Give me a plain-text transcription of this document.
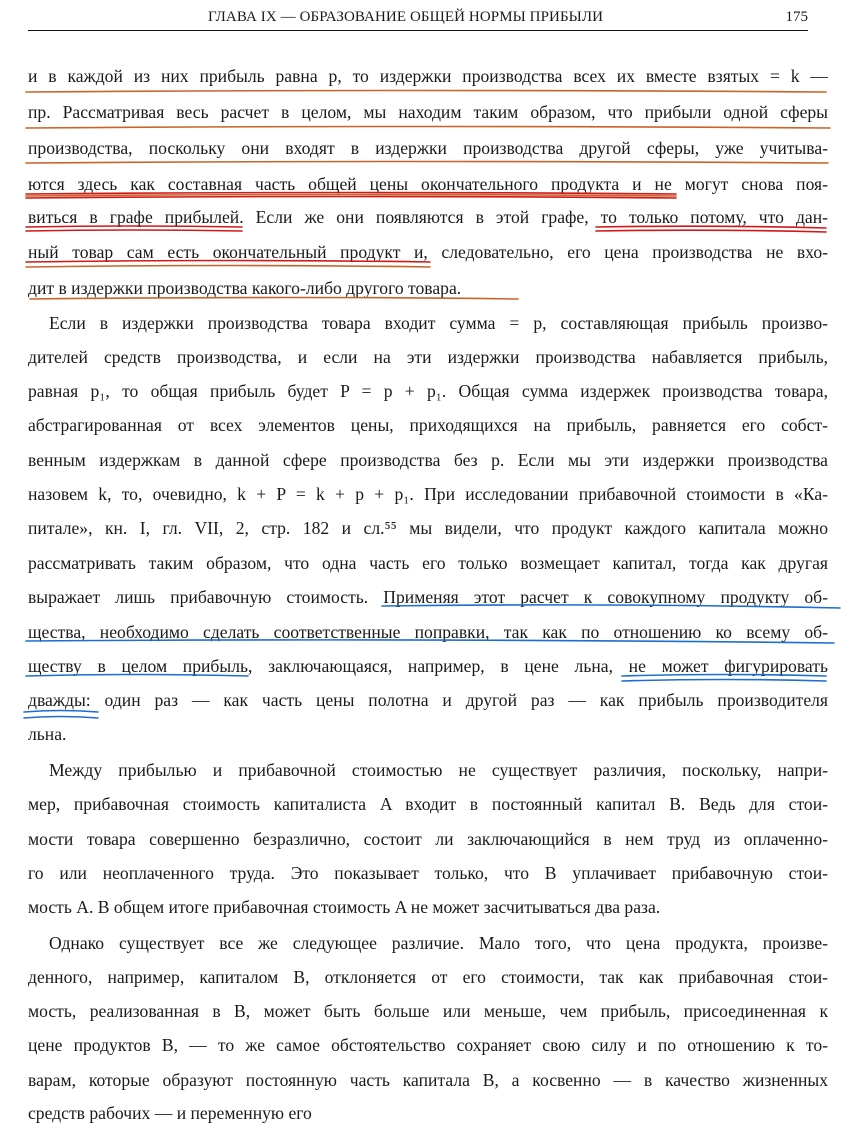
ГЛАВА IX — ОБРАЗОВАНИЕ ОБЩЕЙ НОРМЫ ПРИБЫЛИ	175
и в каждой из них прибыль равна p, то издержки производства всех их вместе взятых = k —
пр. Рассматривая весь расчет в целом, мы находим таким образом, что прибыли одной сферы
производства, поскольку они входят в издержки производства другой сферы, уже учитыва-
ются здесь как составная часть общей цены окончательного продукта и не могут снова поя-
виться в графе прибылей. Если же они появляются в этой графе, то только потому, что дан-
ный товар сам есть окончательный продукт и, следовательно, его цена производства не вхо-
дит в издержки производства какого-либо другого товара.
Если в издержки производства товара входит сумма = p, составляющая прибыль произво-
дителей средств производства, и если на эти издержки производства набавляется прибыль,
равная p₁, то общая прибыль будет P = p + p₁. Общая сумма издержек производства товара,
абстрагированная от всех элементов цены, приходящихся на прибыль, равняется его собст-
венным издержкам в данной сфере производства без p. Если мы эти издержки производства
назовем k, то, очевидно, k + P = k + p + p₁. При исследовании прибавочной стоимости в «Ка-
питале», кн. I, гл. VII, 2, стр. 182 и сл.⁵⁵ мы видели, что продукт каждого капитала можно
рассматривать таким образом, что одна часть его только возмещает капитал, тогда как другая
выражает лишь прибавочную стоимость. Применяя этот расчет к совокупному продукту об-
щества, необходимо сделать соответственные поправки, так как по отношению ко всему об-
ществу в целом прибыль, заключающаяся, например, в цене льна, не может фигурировать
дважды: один раз — как часть цены полотна и другой раз — как прибыль производителя
льна.
Между прибылью и прибавочной стоимостью не существует различия, поскольку, напри-
мер, прибавочная стоимость капиталиста A входит в постоянный капитал B. Ведь для стои-
мости товара совершенно безразлично, состоит ли заключающийся в нем труд из оплаченно-
го или неоплаченного труда. Это показывает только, что B уплачивает прибавочную стои-
мость A. В общем итоге прибавочная стоимость A не может засчитываться два раза.
Однако существует все же следующее различие. Мало того, что цена продукта, произве-
денного, например, капиталом B, отклоняется от его стоимости, так как прибавочная стои-
мость, реализованная в B, может быть больше или меньше, чем прибыль, присоединенная к
цене продуктов B, — то же самое обстоятельство сохраняет свою силу и по отношению к то-
варам, которые образуют постоянную часть капитала B, а косвенно — в качество жизненных
средств рабочих — и переменную его
